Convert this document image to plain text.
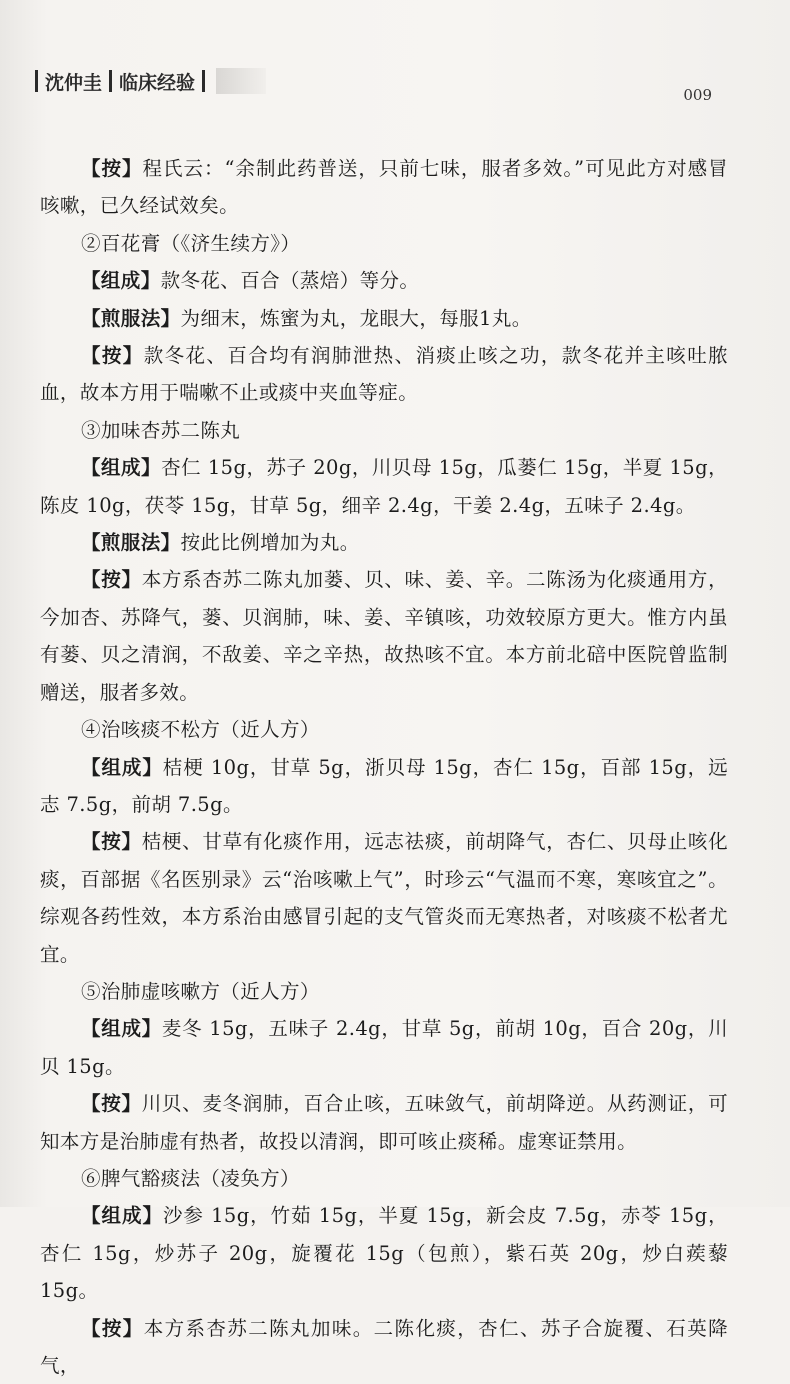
沈仲圭 临床经验
009

【按】程氏云：“余制此药普送，只前七味，服者多效。”可见此方对感冒咳嗽，已久经试效矣。

②百花膏（《济生续方》）

【组成】款冬花、百合（蒸焙）等分。

【煎服法】为细末，炼蜜为丸，龙眼大，每服1丸。

【按】款冬花、百合均有润肺泄热、消痰止咳之功，款冬花并主咳吐脓血，故本方用于喘嗽不止或痰中夹血等症。

③加味杏苏二陈丸

【组成】杏仁 15g，苏子 20g，川贝母 15g，瓜蒌仁 15g，半夏 15g，陈皮 10g，茯苓 15g，甘草 5g，细辛 2.4g，干姜 2.4g，五味子 2.4g。

【煎服法】按此比例增加为丸。

【按】本方系杏苏二陈丸加蒌、贝、味、姜、辛。二陈汤为化痰通用方，今加杏、苏降气，蒌、贝润肺，味、姜、辛镇咳，功效较原方更大。惟方内虽有蒌、贝之清润，不敌姜、辛之辛热，故热咳不宜。本方前北碚中医院曾监制赠送，服者多效。

④治咳痰不松方（近人方）

【组成】桔梗 10g，甘草 5g，浙贝母 15g，杏仁 15g，百部 15g，远志 7.5g，前胡 7.5g。

【按】桔梗、甘草有化痰作用，远志祛痰，前胡降气，杏仁、贝母止咳化痰，百部据《名医别录》云“治咳嗽上气”，时珍云“气温而不寒，寒咳宜之”。综观各药性效，本方系治由感冒引起的支气管炎而无寒热者，对咳痰不松者尤宜。

⑤治肺虚咳嗽方（近人方）

【组成】麦冬 15g，五味子 2.4g，甘草 5g，前胡 10g，百合 20g，川贝 15g。

【按】川贝、麦冬润肺，百合止咳，五味敛气，前胡降逆。从药测证，可知本方是治肺虚有热者，故投以清润，即可咳止痰稀。虚寒证禁用。

⑥脾气豁痰法（凌奂方）

【组成】沙参 15g，竹茹 15g，半夏 15g，新会皮 7.5g，赤苓 15g，杏仁 15g，炒苏子 20g，旋覆花 15g（包煎），紫石英 20g，炒白蒺藜 15g。

【按】本方系杏苏二陈丸加味。二陈化痰，杏仁、苏子合旋覆、石英降气，
